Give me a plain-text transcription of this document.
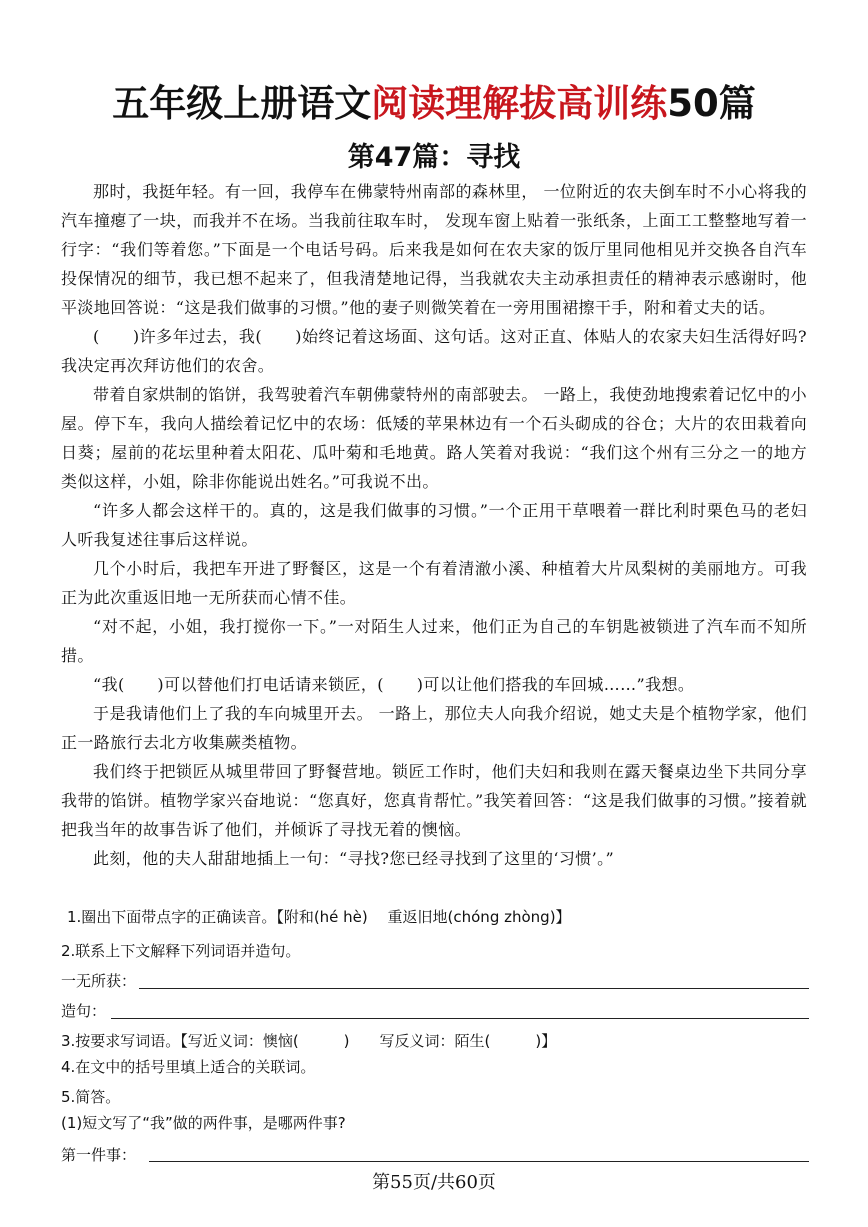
五年级上册语文阅读理解拔高训练50篇
第47篇：寻找

那时，我挺年轻。有一回，我停车在佛蒙特州南部的森林里， 一位附近的农夫倒车时不小心将我的汽车撞瘪了一块，而我并不在场。当我前往取车时， 发现车窗上贴着一张纸条，上面工工整整地写着一行字：“我们等着您。”下面是一个电话号码。后来我是如何在农夫家的饭厅里同他相见并交换各自汽车投保情况的细节，我已想不起来了，但我清楚地记得，当我就农夫主动承担责任的精神表示感谢时，他平淡地回答说：“这是我们做事的习惯。”他的妻子则微笑着在一旁用围裙擦干手，附和着丈夫的话。

(　　)许多年过去，我(　　)始终记着这场面、这句话。这对正直、体贴人的农家夫妇生活得好吗?我决定再次拜访他们的农舍。

带着自家烘制的馅饼，我驾驶着汽车朝佛蒙特州的南部驶去。 一路上，我使劲地搜索着记忆中的小屋。停下车，我向人描绘着记忆中的农场：低矮的苹果林边有一个石头砌成的谷仓；大片的农田栽着向日葵；屋前的花坛里种着太阳花、瓜叶菊和毛地黄。路人笑着对我说：“我们这个州有三分之一的地方类似这样，小姐，除非你能说出姓名。”可我说不出。

“许多人都会这样干的。真的，这是我们做事的习惯。”一个正用干草喂着一群比利时栗色马的老妇人听我复述往事后这样说。

几个小时后，我把车开进了野餐区，这是一个有着清澈小溪、种植着大片凤梨树的美丽地方。可我正为此次重返旧地一无所获而心情不佳。

“对不起，小姐，我打搅你一下。”一对陌生人过来，他们正为自己的车钥匙被锁进了汽车而不知所措。

“我(　　)可以替他们打电话请来锁匠，(　　)可以让他们搭我的车回城……”我想。

于是我请他们上了我的车向城里开去。 一路上，那位夫人向我介绍说，她丈夫是个植物学家，他们正一路旅行去北方收集蕨类植物。

我们终于把锁匠从城里带回了野餐营地。锁匠工作时，他们夫妇和我则在露天餐桌边坐下共同分享我带的馅饼。植物学家兴奋地说：“您真好，您真肯帮忙。”我笑着回答：“这是我们做事的习惯。”接着就把我当年的故事告诉了他们，并倾诉了寻找无着的懊恼。

此刻，他的夫人甜甜地插上一句：“寻找?您已经寻找到了这里的‘习惯’。”

1.圈出下面带点字的正确读音。【附和(hé hè)　 重返旧地(chóng zhòng)】
2.联系上下文解释下列词语并造句。
一无所获：
造句：
3.按要求写词语。【写近义词：懊恼(　　　)　　写反义词：陌生(　　　)】
4.在文中的括号里填上适合的关联词。
5.简答。
(1)短文写了“我”做的两件事，是哪两件事?
第一件事：
第55页/共60页
